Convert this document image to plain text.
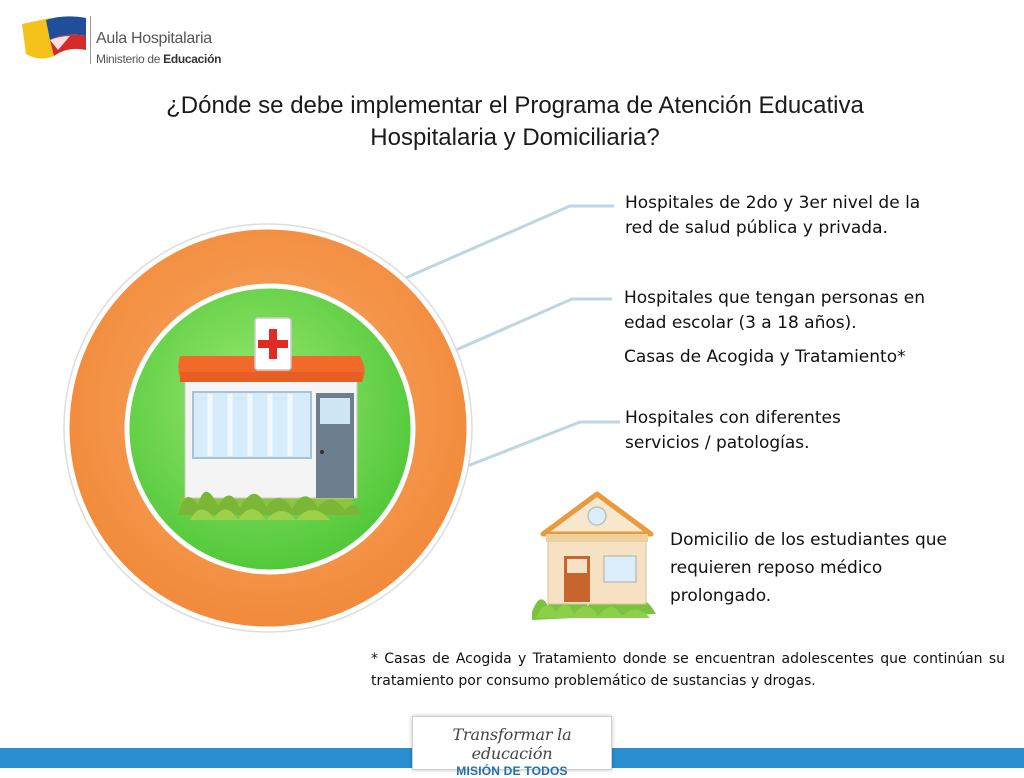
Aula Hospitalaria
Ministerio de Educación
¿Dónde se debe implementar el Programa de Atención Educativa
Hospitalaria y Domiciliaria?
Hospitales de 2do y 3er nivel de la
red de salud pública y privada.
Hospitales que tengan personas en
edad escolar (3 a 18 años).
Casas de Acogida y Tratamiento*
Hospitales con diferentes
servicios / patologías.
Domicilio de los estudiantes que
requieren reposo médico
prolongado.
* Casas de Acogida y Tratamiento donde se encuentran adolescentes que continúan su tratamiento por consumo problemático de sustancias y drogas.
Transformar la educación
MISIÓN DE TODOS
